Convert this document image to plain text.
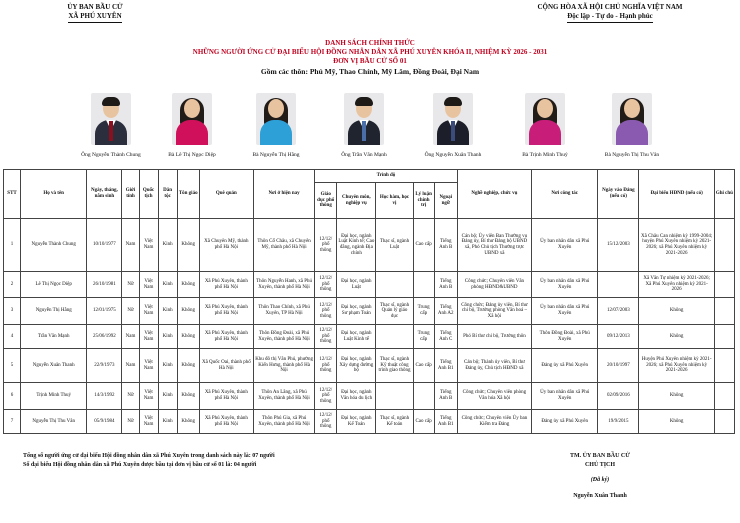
ỦY BAN BẦU CỬ
XÃ PHÚ XUYÊN
CỘNG HÒA XÃ HỘI CHỦ NGHĨA VIỆT NAM
Độc lập - Tự do - Hạnh phúc
DANH SÁCH CHÍNH THỨC
NHỮNG NGƯỜI ỨNG CỬ ĐẠI BIỂU HỘI ĐỒNG NHÂN DÂN XÃ PHÚ XUYÊN KHÓA II, NHIỆM KỲ 2026 - 2031
ĐƠN VỊ BẦU CỬ SỐ 01
Gồm các thôn: Phú Mỹ, Thao Chính, Mỹ Lâm, Đồng Đoài, Đại Nam
Ông Nguyễn Thành Chung	Bà Lê Thị Ngọc Diệp	Bà Nguyễn Thị Hằng	Ông Trần Văn Mạnh	Ông Nguyễn Xuân Thanh	Bà Trịnh Minh Thuỷ	Bà Nguyễn Thị Thu Vân
STT	Họ và tên	Ngày, tháng, năm sinh	Giới tính	Quốc tịch	Dân tộc	Tôn giáo	Quê quán	Nơi ở hiện nay	Trình độ					Nghề nghiệp, chức vụ	Nơi công tác	Ngày vào Đảng (nếu có)	Đại biểu HĐND (nếu có)	Ghi chú
									Giáo dục phổ thông	Chuyên môn, nghiệp vụ	Học hàm, học vị	Lý luận chính trị	Ngoại ngữ					
1	Nguyễn Thành Chung	10/10/1977	Nam	Việt Nam	Kinh	Không	Xã Chuyên Mỹ, thành phố Hà Nội	Thôn Cổ Châu, xã Chuyên Mỹ, thành phố Hà Nội	12/12/ phổ thông	Đại học, ngành Luật Kinh tế; Cao đẳng, ngành Địa chính	Thạc sĩ, ngành Luật	Cao cấp	Tiếng Anh B	Cán bộ; Ủy viên Ban Thường vụ Đảng ủy, Bí thư Đảng bộ UBND xã, Phó Chủ tịch Thường trực UBND xã	Ủy ban nhân dân xã Phú Xuyên	15/12/2003	Xã Châu Can nhiệm kỳ 1999-2004; huyện Phú Xuyên nhiệm kỳ 2021-2026; xã Phú Xuyên nhiệm kỳ 2021-2026	
2	Lê Thị Ngọc Diệp	26/10/1981	Nữ	Việt Nam	Kinh	Không	Xã Phú Xuyên, thành phố Hà Nội	Thôn Nguyễn Hanh, xã Phú Xuyên, thành phố Hà Nội	12/12/ phổ thông	Đại học, ngành Luật			Tiếng Anh B	Công chức; Chuyên viên Văn phòng HĐND&UBND	Ủy ban nhân dân xã Phú Xuyên		Xã Văn Tự nhiệm kỳ 2021-2026; Xã Phú Xuyên nhiệm kỳ 2021-2026	
3	Nguyễn Thị Hằng	12/01/1975	Nữ	Việt Nam	Kinh	Không	Xã Phú Xuyên, thành phố Hà Nội	Thôn Thao Chính, xã Phú Xuyên, TP Hà Nội	12/12/ phổ thông	Đại học, ngành Sư phạm Toán	Thạc sĩ, ngành Quản lý giáo dục	Trung cấp	Tiếng Anh A2	Công chức; Đảng ủy viên, Bí thư chi bộ, Trưởng phòng Văn hoá – Xã hội	Ủy ban nhân dân xã Phú Xuyên	12/07/2003	Không	
4	Trần Văn Mạnh	25/06/1992	Nam	Việt Nam	Kinh	Không	Xã Phú Xuyên, thành phố Hà Nội	Thôn Đồng Đoài, xã Phú Xuyên, thành phố Hà Nội	12/12/ phổ thông	Đại học, ngành Luật Kinh tế		Trung cấp	Tiếng Anh C	Phó Bí thư chi bộ, Trưởng thôn	Thôn Đồng Đoài, xã Phú Xuyên	09/12/2013	Không	
5	Nguyễn Xuân Thanh	22/9/1973	Nam	Việt Nam	Kinh	Không	Xã Quốc Oai, thành phố Hà Nội	Khu đô thị Văn Phú, phường Kiến Hưng, thành phố Hà Nội	12/12/ phổ thông	Đại học, ngành Xây dựng đường bộ	Thạc sĩ, ngành Kỹ thuật công trình giao thông	Cao cấp	Tiếng Anh B1	Cán bộ; Thành ủy viên, Bí thư Đảng ủy, Chủ tịch HĐND xã	Đảng ủy xã Phú Xuyên	20/10/1997	Huyện Phú Xuyên nhiệm kỳ 2021-2026; xã Phú Xuyên nhiệm kỳ 2021-2026	
6	Trịnh Minh Thuỷ	14/3/1992	Nữ	Việt Nam	Kinh	Không	Xã Phú Xuyên, thành phố Hà Nội	Thôn An Lãng, xã Phú Xuyên, thành phố Hà Nội	12/12/ phổ thông	Đại học, ngành Văn hóa du lịch			Tiếng Anh B	Công chức; Chuyên viên phòng Văn hóa Xã hội	Ủy ban nhân dân xã Phú Xuyên	02/09/2016	Không	
7	Nguyễn Thị Thu Vân	05/9/1984	Nữ	Việt Nam	Kinh	Không	Xã Phú Xuyên, thành phố Hà Nội	Thôn Phú Gia, xã Phú Xuyên, thành phố Hà Nội	12/12/ phổ thông	Đại học, ngành Kế Toán	Thạc sĩ, ngành Kế toán	Cao cấp	Tiếng Anh B1	Công chức; Chuyên viên Ủy ban Kiểm tra Đảng	Đảng ủy xã Phú Xuyên	19/9/2015	Không	
Tổng số người ứng cử đại biểu Hội đồng nhân dân xã Phú Xuyên trong danh sách này là: 07 người
Số đại biểu Hội đồng nhân dân xã Phú Xuyên được bầu tại đơn vị bầu cử số 01 là: 04 người
TM. ỦY BAN BẦU CỬ
CHỦ TỊCH
(Đã ký)
Nguyễn Xuân Thanh
